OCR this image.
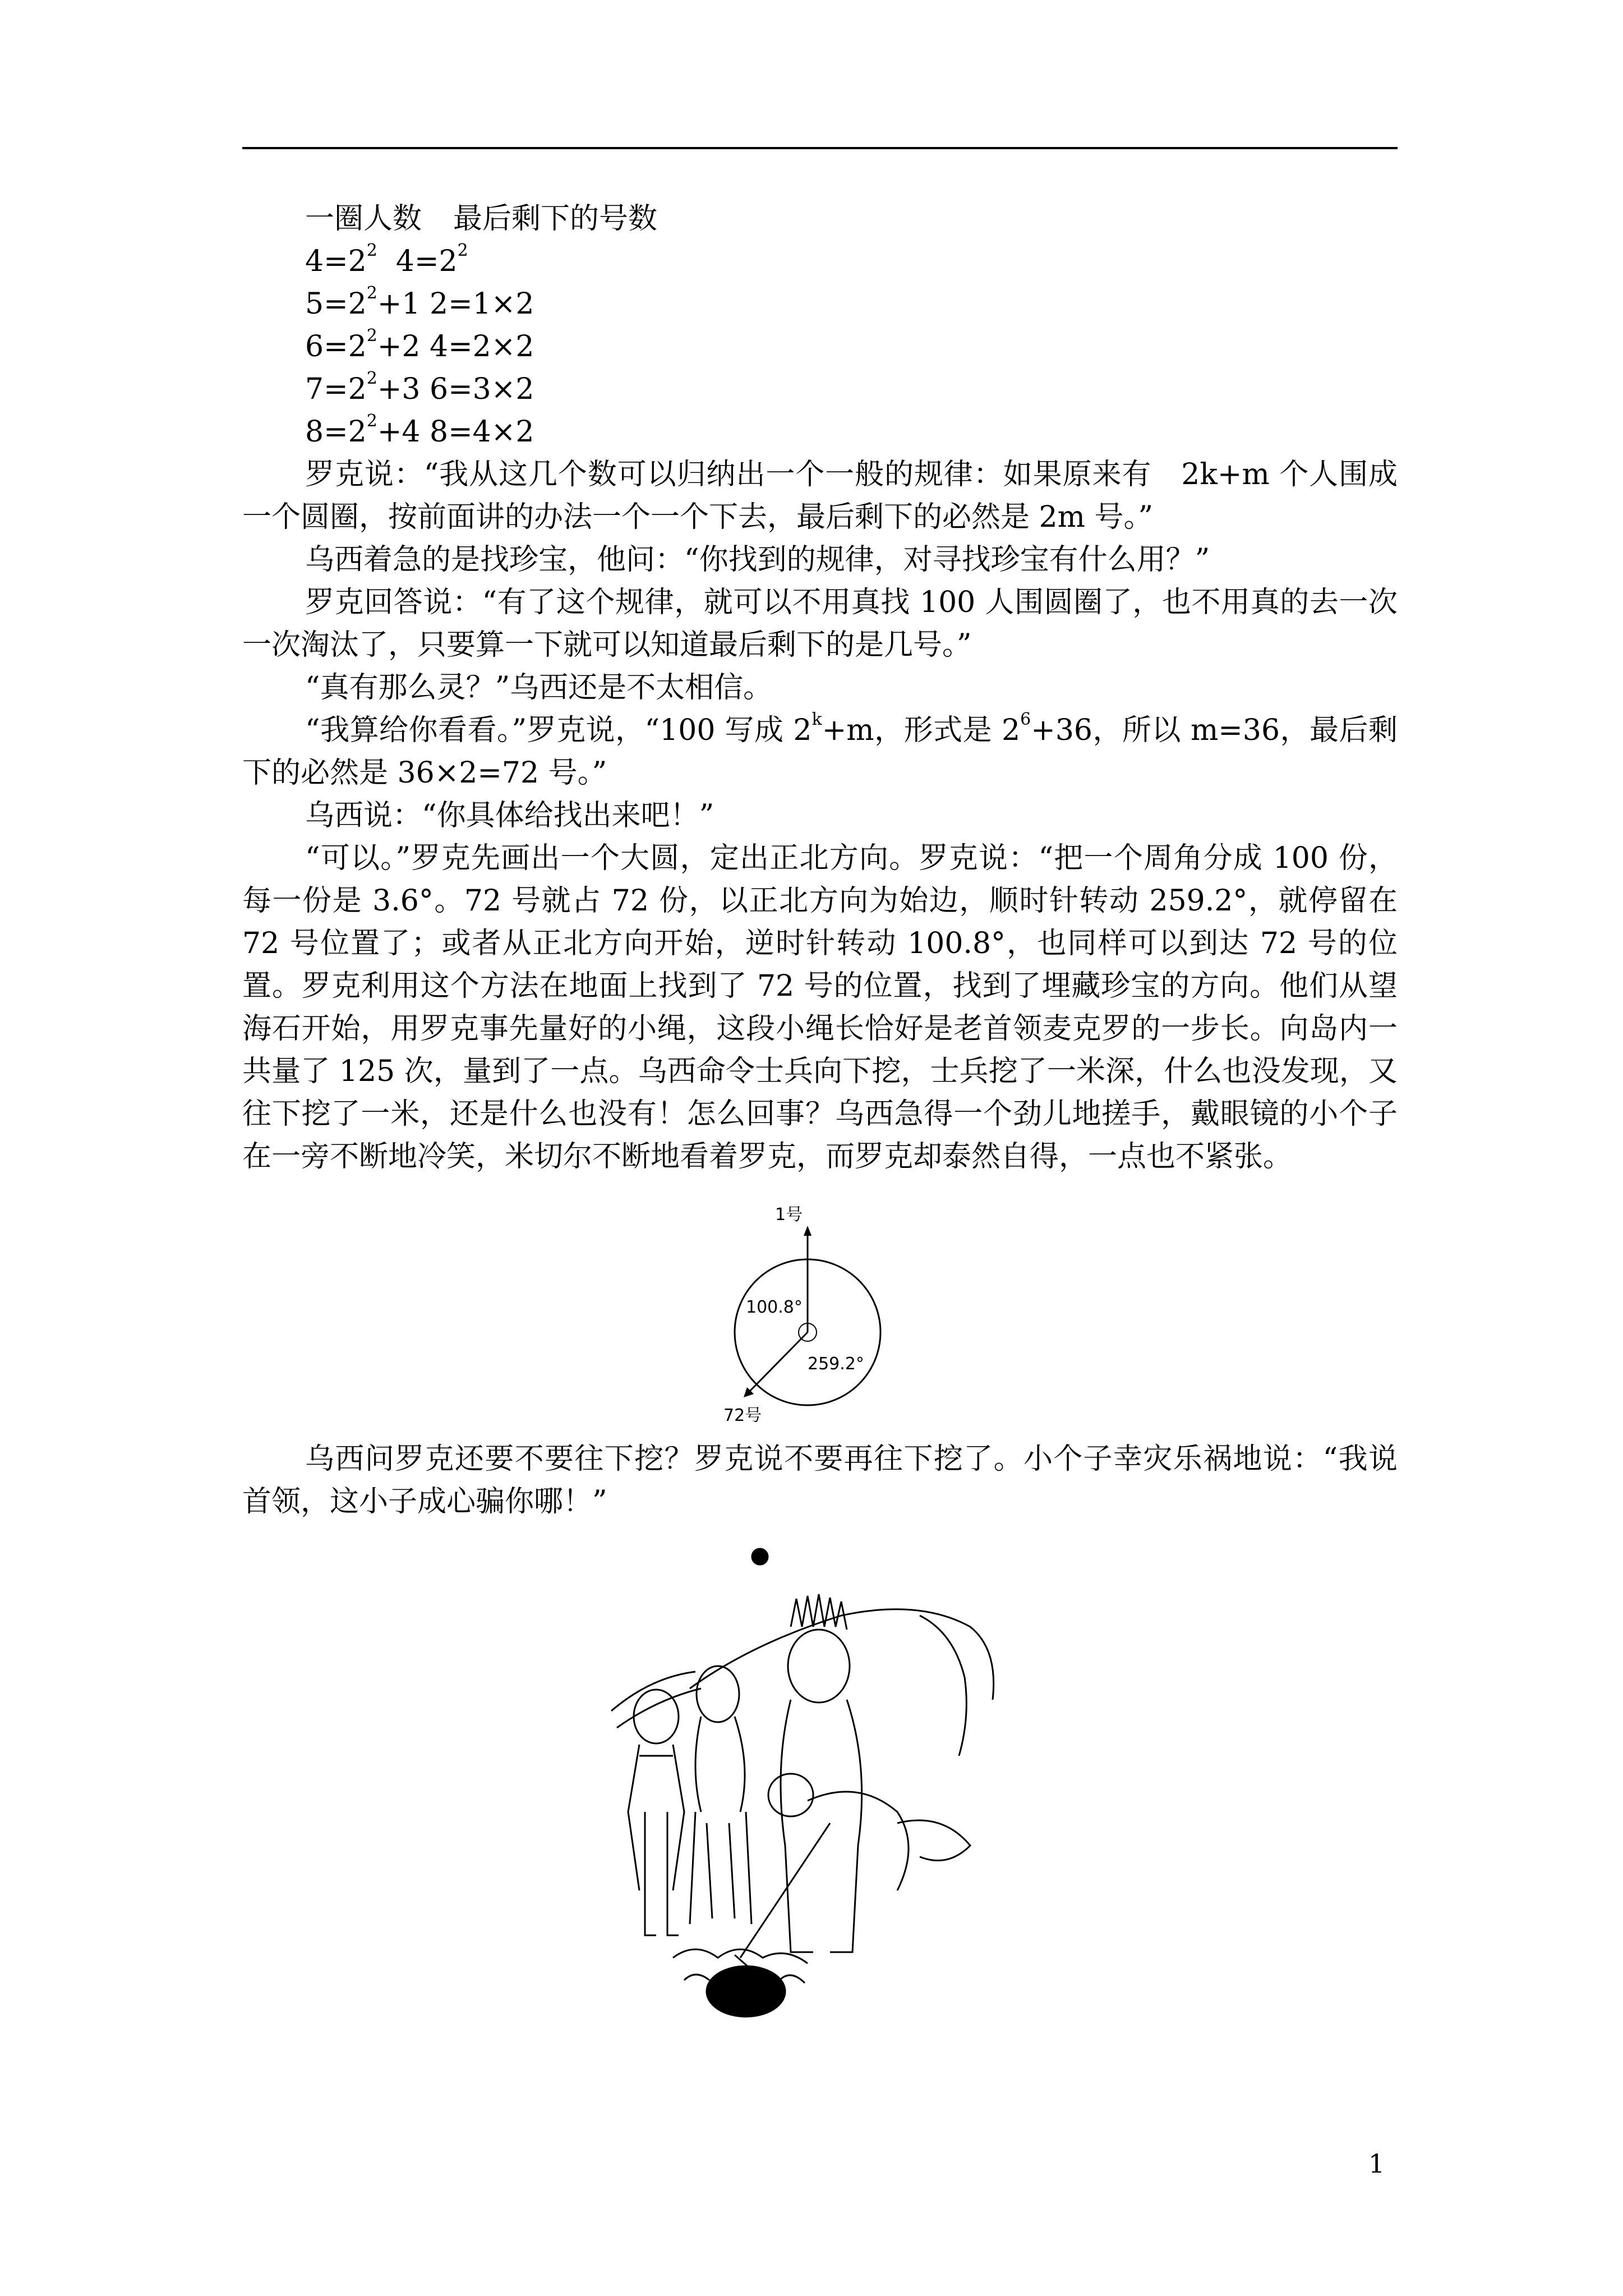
一圈人数 最后剩下的号数
$4=2^2$ $4=2^2$
$5=2^2+1$ 2=1×2
$6=2^2+2$ 4=2×2
$7=2^2+3$ 6=3×2
$8=2^2+4$ 8=4×2

罗克说：“我从这几个数可以归纳出一个一般的规律：如果原来有　2k+m 个人围成一个圆圈，按前面讲的办法一个一个下去，最后剩下的必然是 2m 号。”

乌西着急的是找珍宝，他问：“你找到的规律，对寻找珍宝有什么用？”

罗克回答说：“有了这个规律，就可以不用真找 100 人围圆圈了，也不用真的去一次一次淘汰了，只要算一下就可以知道最后剩下的是几号。”

“真有那么灵？”乌西还是不太相信。

“我算给你看看。”罗克说，“100 写成 $2^k+m$，形式是 $2^6+36$，所以 m=36，最后剩下的必然是 36×2=72 号。”

乌西说：“你具体给找出来吧！”

“可以。”罗克先画出一个大圆，定出正北方向。罗克说：“把一个周角分成 100 份，每一份是 3.6°。72 号就占 72 份，以正北方向为始边，顺时针转动 259.2°，就停留在 72 号位置了；或者从正北方向开始，逆时针转动 100.8°，也同样可以到达 72 号的位置。罗克利用这个方法在地面上找到了 72 号的位置，找到了埋藏珍宝的方向。他们从望海石开始，用罗克事先量好的小绳，这段小绳长恰好是老首领麦克罗的一步长。向岛内一共量了 125 次，量到了一点。乌西命令士兵向下挖，士兵挖了一米深，什么也没发现，又往下挖了一米，还是什么也没有！怎么回事？乌西急得一个劲儿地搓手，戴眼镜的小个子在一旁不断地冷笑，米切尔不断地看着罗克，而罗克却泰然自得，一点也不紧张。

1号
100.8°
259.2°
72号

乌西问罗克还要不要往下挖？罗克说不要再往下挖了。小个子幸灾乐祸地说：“我说首领，这小子成心骗你哪！”

1
